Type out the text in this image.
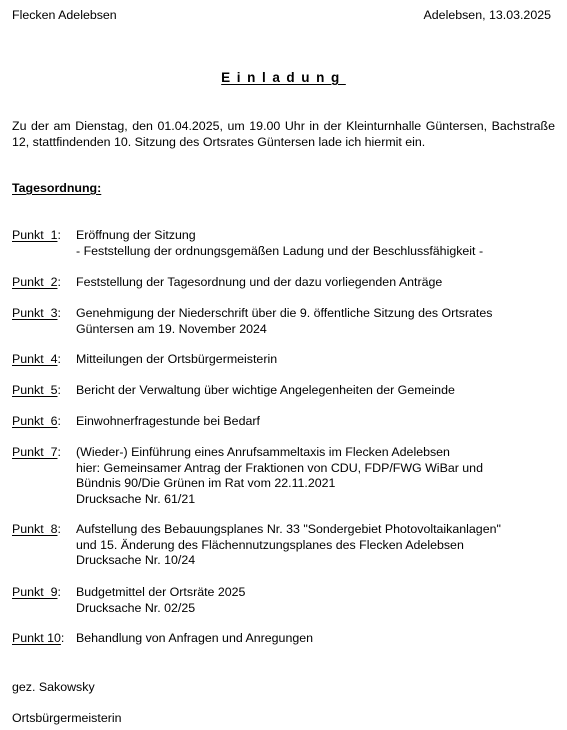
Flecken Adelebsen	Adelebsen, 13.03.2025
Einladung
Zu der am Dienstag, den 01.04.2025, um 19.00 Uhr in der Kleinturnhalle Güntersen, Bachstraße 12, stattfindenden 10. Sitzung des Ortsrates Güntersen lade ich hiermit ein.
Tagesordnung:
Punkt  1:	Eröffnung der Sitzung
- Feststellung der ordnungsgemäßen Ladung und der Beschlussfähigkeit -
Punkt  2:	Feststellung der Tagesordnung und der dazu vorliegenden Anträge
Punkt  3:	Genehmigung der Niederschrift über die 9. öffentliche Sitzung des Ortsrates
Güntersen am 19. November 2024
Punkt  4:	Mitteilungen der Ortsbürgermeisterin
Punkt  5:	Bericht der Verwaltung über wichtige Angelegenheiten der Gemeinde
Punkt  6:	Einwohnerfragestunde bei Bedarf
Punkt  7:	(Wieder-) Einführung eines Anrufsammeltaxis im Flecken Adelebsen
hier: Gemeinsamer Antrag der Fraktionen von CDU, FDP/FWG WiBar und
Bündnis 90/Die Grünen im Rat vom 22.11.2021
Drucksache Nr. 61/21
Punkt  8:	Aufstellung des Bebauungsplanes Nr. 33 "Sondergebiet Photovoltaikanlagen"
und 15. Änderung des Flächennutzungsplanes des Flecken Adelebsen
Drucksache Nr. 10/24
Punkt  9:	Budgetmittel der Ortsräte 2025
Drucksache Nr. 02/25
Punkt 10: Behandlung von Anfragen und Anregungen
gez. Sakowsky
Ortsbürgermeisterin
